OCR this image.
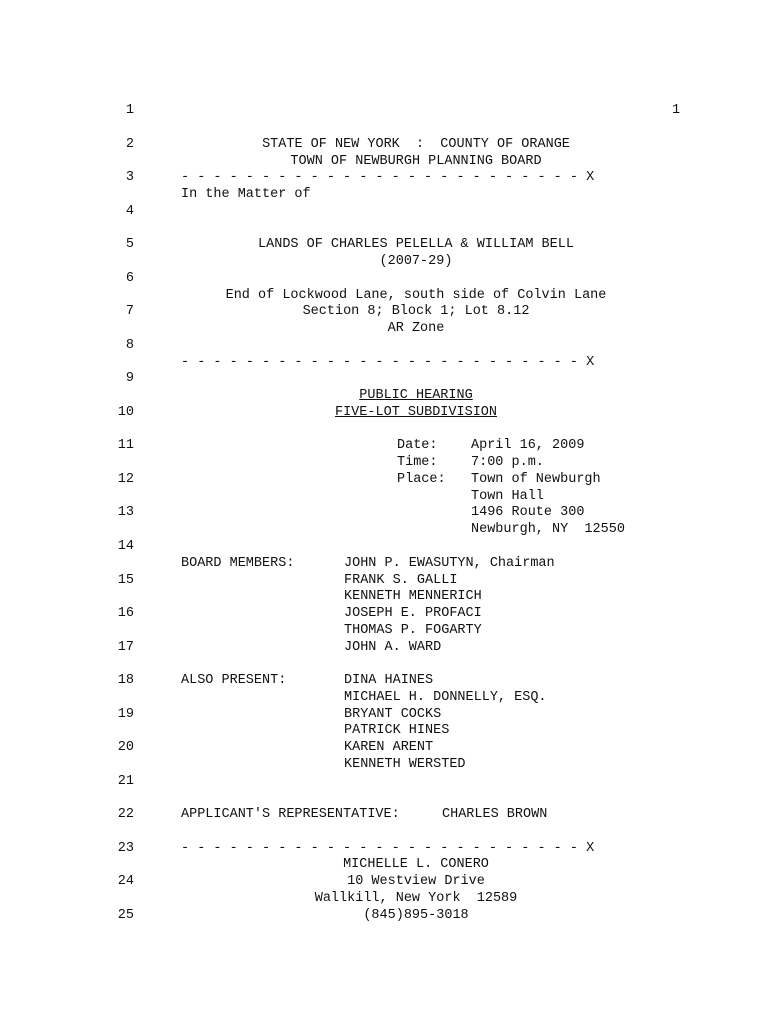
1
1
2
3
4
5
6
7
8
9
10
11
12
13
14
15
16
17
18
19
20
21
22
23
24
25
STATE OF NEW YORK  :  COUNTY OF ORANGE
TOWN OF NEWBURGH PLANNING BOARD
- - - - - - - - - - - - - - - - - - - - - - - - - X
In the Matter of
LANDS OF CHARLES PELELLA & WILLIAM BELL
(2007-29)
End of Lockwood Lane, south side of Colvin Lane
Section 8; Block 1; Lot 8.12
AR Zone
- - - - - - - - - - - - - - - - - - - - - - - - - X
PUBLIC HEARING
FIVE-LOT SUBDIVISION
Date: April 16, 2009
Time: 7:00 p.m.
Place: Town of Newburgh
Town Hall
1496 Route 300
Newburgh, NY  12550
BOARD MEMBERS:	JOHN P. EWASUTYN, Chairman
FRANK S. GALLI
KENNETH MENNERICH
JOSEPH E. PROFACI
THOMAS P. FOGARTY
JOHN A. WARD
ALSO PRESENT:	DINA HAINES
MICHAEL H. DONNELLY, ESQ.
BRYANT COCKS
PATRICK HINES
KAREN ARENT
KENNETH WERSTED
APPLICANT'S REPRESENTATIVE:	CHARLES BROWN
- - - - - - - - - - - - - - - - - - - - - - - - - X
MICHELLE L. CONERO
10 Westview Drive
Wallkill, New York  12589
(845)895-3018
